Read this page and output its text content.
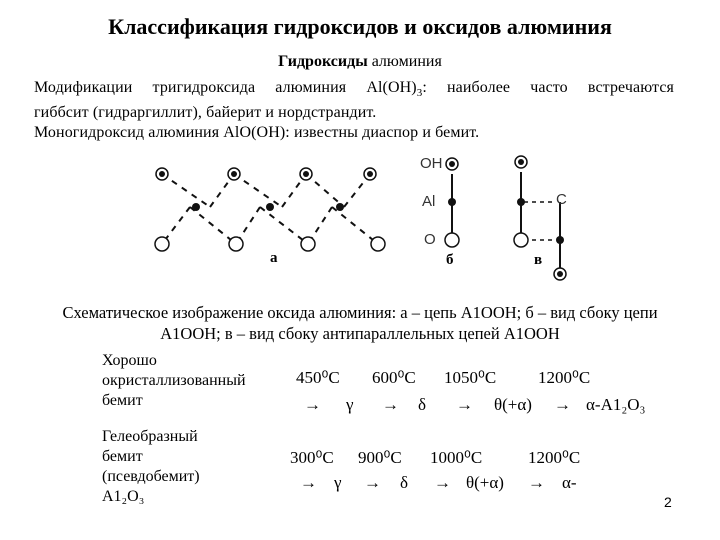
Классификация гидроксидов и оксидов алюминия
Гидроксиды алюминия
Модификации тригидроксида алюминия $Al(OH)_3$: наиболее часто встречаются
гиббсит (гидраргиллит), байерит и нордстрандит.
Моногидроксид алюминия AlO(OH): известны диаспор и бемит.
а
OH
Al
O
б
C
в
Схематическое изображение оксида алюминия: а – цепь А1OOH; б – вид сбоку цепи
А1OOH; в – вид сбоку антипараллельных цепей А1OOH
Хорошо
окристаллизованный
бемит
450⁰С 600⁰С 1050⁰С 1200⁰С
→ γ → δ → θ(+α) → α-A1₂O₃
Гелеобразный
бемит
(псевдобемит)
A1₂O₃
300⁰С 900⁰С 1000⁰С	1200⁰С
→ γ → δ → θ(+α) → α-
2
